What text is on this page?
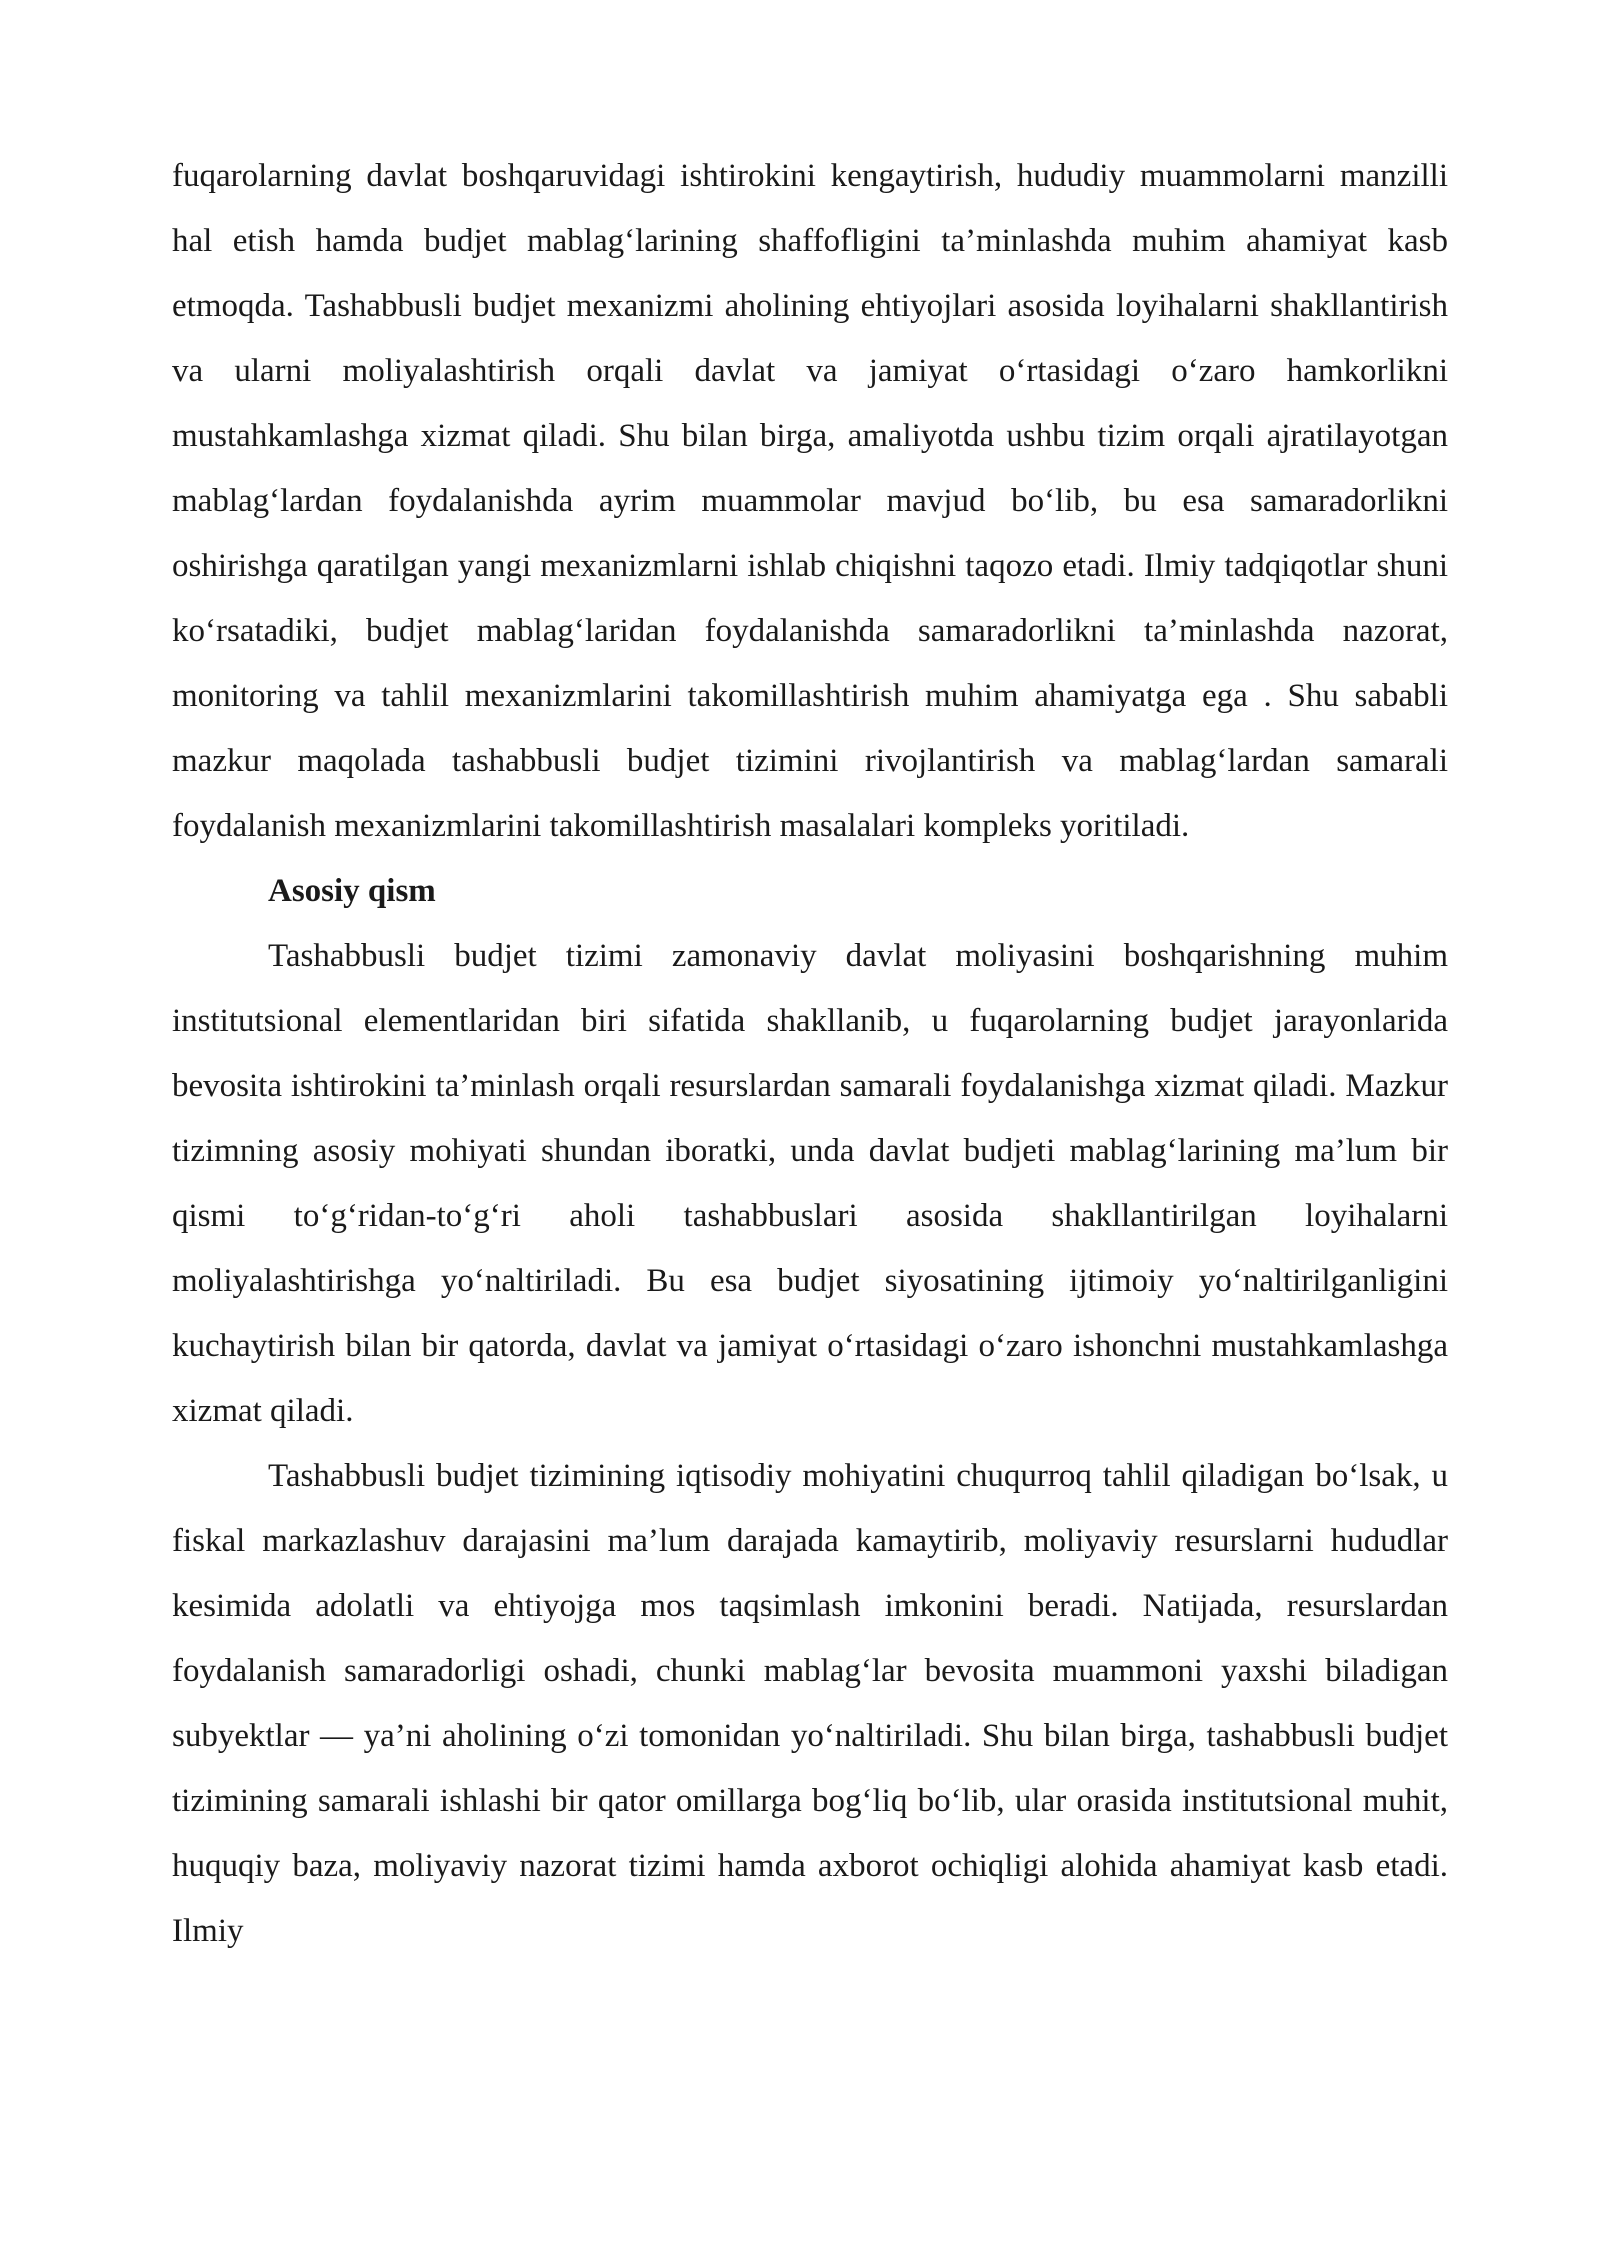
fuqarolarning davlat boshqaruvidagi ishtirokini kengaytirish, hududiy muammolarni manzilli hal etish hamda budjet mablag‘larining shaffofligini ta’minlashda muhim ahamiyat kasb etmoqda. Tashabbusli budjet mexanizmi aholining ehtiyojlari asosida loyihalarni shakllantirish va ularni moliyalashtirish orqali davlat va jamiyat o‘rtasidagi o‘zaro hamkorlikni mustahkamlashga xizmat qiladi. Shu bilan birga, amaliyotda ushbu tizim orqali ajratilayotgan mablag‘lardan foydalanishda ayrim muammolar mavjud bo‘lib, bu esa samaradorlikni oshirishga qaratilgan yangi mexanizmlarni ishlab chiqishni taqozo etadi. Ilmiy tadqiqotlar shuni ko‘rsatadiki, budjet mablag‘laridan foydalanishda samaradorlikni ta’minlashda nazorat, monitoring va tahlil mexanizmlarini takomillashtirish muhim ahamiyatga ega . Shu sababli mazkur maqolada tashabbusli budjet tizimini rivojlantirish va mablag‘lardan samarali foydalanish mexanizmlarini takomillashtirish masalalari kompleks yoritiladi.

Asosiy qism

Tashabbusli budjet tizimi zamonaviy davlat moliyasini boshqarishning muhim institutsional elementlaridan biri sifatida shakllanib, u fuqarolarning budjet jarayonlarida bevosita ishtirokini ta’minlash orqali resurslardan samarali foydalanishga xizmat qiladi. Mazkur tizimning asosiy mohiyati shundan iboratki, unda davlat budjeti mablag‘larining ma’lum bir qismi to‘g‘ridan-to‘g‘ri aholi tashabbuslari asosida shakllantirilgan loyihalarni moliyalashtirishga yo‘naltiriladi. Bu esa budjet siyosatining ijtimoiy yo‘naltirilganligini kuchaytirish bilan bir qatorda, davlat va jamiyat o‘rtasidagi o‘zaro ishonchni mustahkamlashga xizmat qiladi.

Tashabbusli budjet tizimining iqtisodiy mohiyatini chuqurroq tahlil qiladigan bo‘lsak, u fiskal markazlashuv darajasini ma’lum darajada kamaytirib, moliyaviy resurslarni hududlar kesimida adolatli va ehtiyojga mos taqsimlash imkonini beradi. Natijada, resurslardan foydalanish samaradorligi oshadi, chunki mablag‘lar bevosita muammoni yaxshi biladigan subyektlar — ya’ni aholining o‘zi tomonidan yo‘naltiriladi. Shu bilan birga, tashabbusli budjet tizimining samarali ishlashi bir qator omillarga bog‘liq bo‘lib, ular orasida institutsional muhit, huquqiy baza, moliyaviy nazorat tizimi hamda axborot ochiqligi alohida ahamiyat kasb etadi. Ilmiy
